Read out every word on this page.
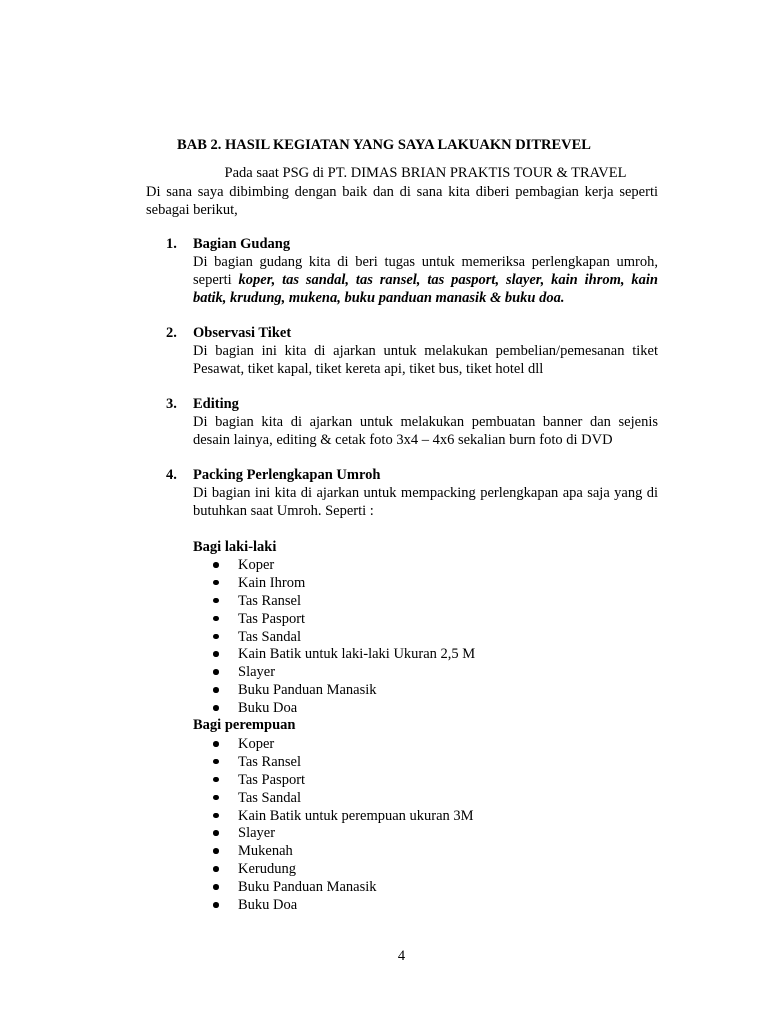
BAB 2. HASIL KEGIATAN YANG SAYA LAKUAKN DITREVEL
Pada saat PSG di PT. DIMAS BRIAN PRAKTIS TOUR & TRAVEL
Di sana saya dibimbing dengan baik dan di sana kita diberi pembagian kerja seperti sebagai berikut,
1. Bagian Gudang
Di bagian gudang kita di beri tugas untuk memeriksa perlengkapan umroh, seperti koper, tas sandal, tas ransel, tas pasport, slayer, kain ihrom, kain batik, krudung, mukena, buku panduan manasik & buku doa.
2. Observasi Tiket
Di bagian ini kita di ajarkan untuk melakukan pembelian/pemesanan tiket Pesawat, tiket kapal, tiket kereta api, tiket bus, tiket hotel dll
3. Editing
Di bagian kita di ajarkan untuk melakukan pembuatan banner dan sejenis desain lainya, editing & cetak foto 3x4 – 4x6 sekalian burn foto di DVD
4. Packing Perlengkapan Umroh
Di bagian ini kita di ajarkan untuk mempacking perlengkapan apa saja yang di butuhkan saat Umroh. Seperti :
Bagi laki-laki
Koper
Kain Ihrom
Tas Ransel
Tas Pasport
Tas Sandal
Kain Batik untuk laki-laki Ukuran 2,5 M
Slayer
Buku Panduan Manasik
Buku Doa
Bagi perempuan
Koper
Tas Ransel
Tas Pasport
Tas Sandal
Kain Batik untuk perempuan ukuran 3M
Slayer
Mukenah
Kerudung
Buku Panduan Manasik
Buku Doa
4
